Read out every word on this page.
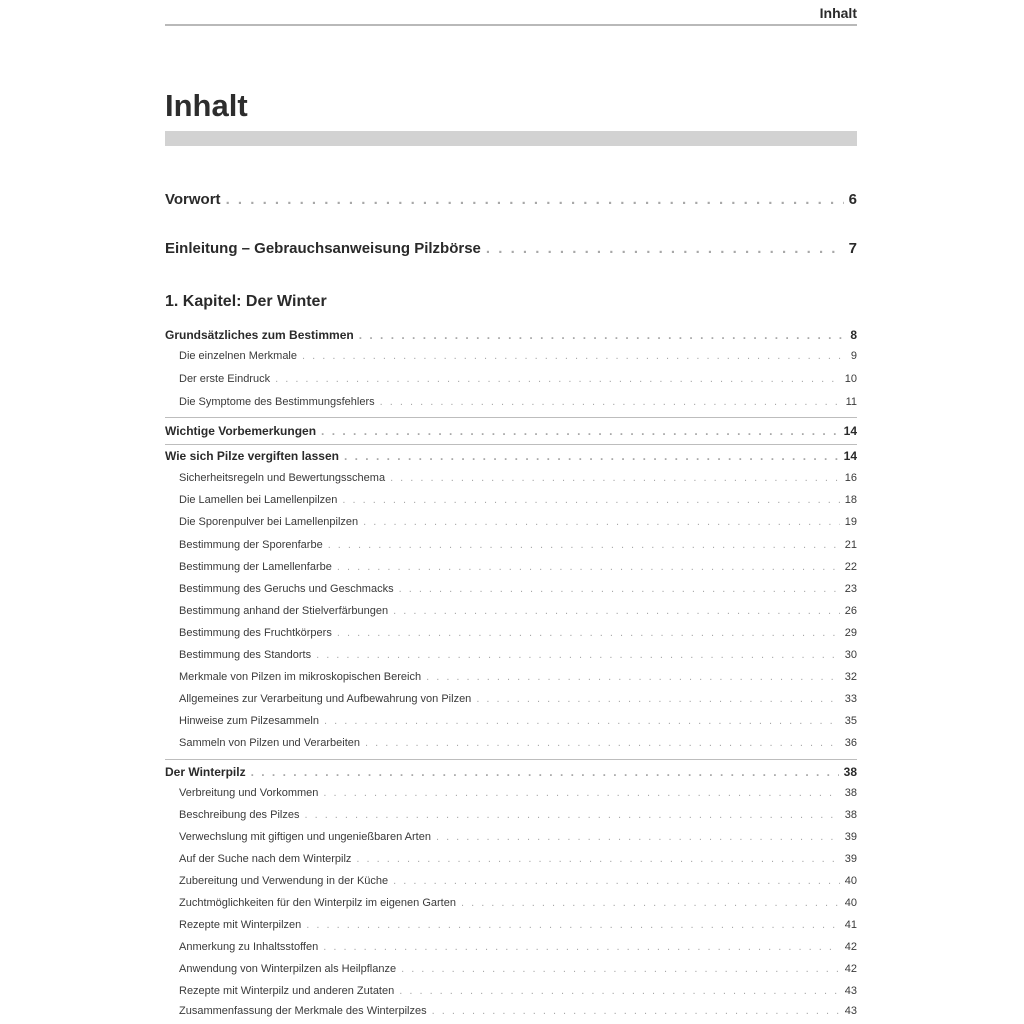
Inhalt
Inhalt
Vorwort . . .	6
Einleitung – Gebrauchsanweisung Pilzbörse . . .	7
1. Kapitel: Der Winter
Grundsätzliches zum Bestimmen . . .	8
Die einzelnen Merkmale . . .	9
Der erste Eindruck . . .	10
Die Symptome des Bestimmungsfehlers . . .	11
Wichtige Vorbemerkungen . . .	14
Wie sich Pilze vergiften lassen . . .	14
Sicherheitsregeln und Bewertungsschema . . .	16
Die Lamellen bei Lamellenpilzen . . .	18
Die Sporenpulver bei Lamellenpilzen . . .	19
Bestimmung der Sporenfarbe . . .	21
Bestimmung der Lamellenfarbe . . .	22
Bestimmung des Geruchs und Geschmacks . . .	23
Bestimmung anhand der Stielverfärbungen . . .	26
Bestimmung des Fruchtkörpers . . .	29
Bestimmung des Standorts . . .	30
Merkmale von Pilzen im mikroskopischen Bereich . . .	32
Allgemeines zur Verarbeitung und Aufbewahrung von Pilzen . . .	33
Hinweise zum Pilzesammeln . . .	35
Sammeln von Pilzen und Verarbeiten . . .	36
Der Winterpilz . . .	38
Verbreitung und Vorkommen . . .	38
Beschreibung des Pilzes . . .	38
Verwechslung mit giftigen und ungenießbaren Arten . . .	39
Auf der Suche nach dem Winterpilz . . .	39
Zubereitung und Verwendung in der Küche . . .	40
Zuchtmöglichkeiten für den Winterpilz im eigenen Garten . . .	40
Rezepte mit Winterpilzen . . .	41
Anmerkung zu Inhaltsstoffen . . .	42
Anwendung von Winterpilzen als Heilpflanze . . .	42
Rezepte mit Winterpilz und anderen Zutaten . . .	43
Zusammenfassung der Merkmale des Winterpilzes . . .	43
